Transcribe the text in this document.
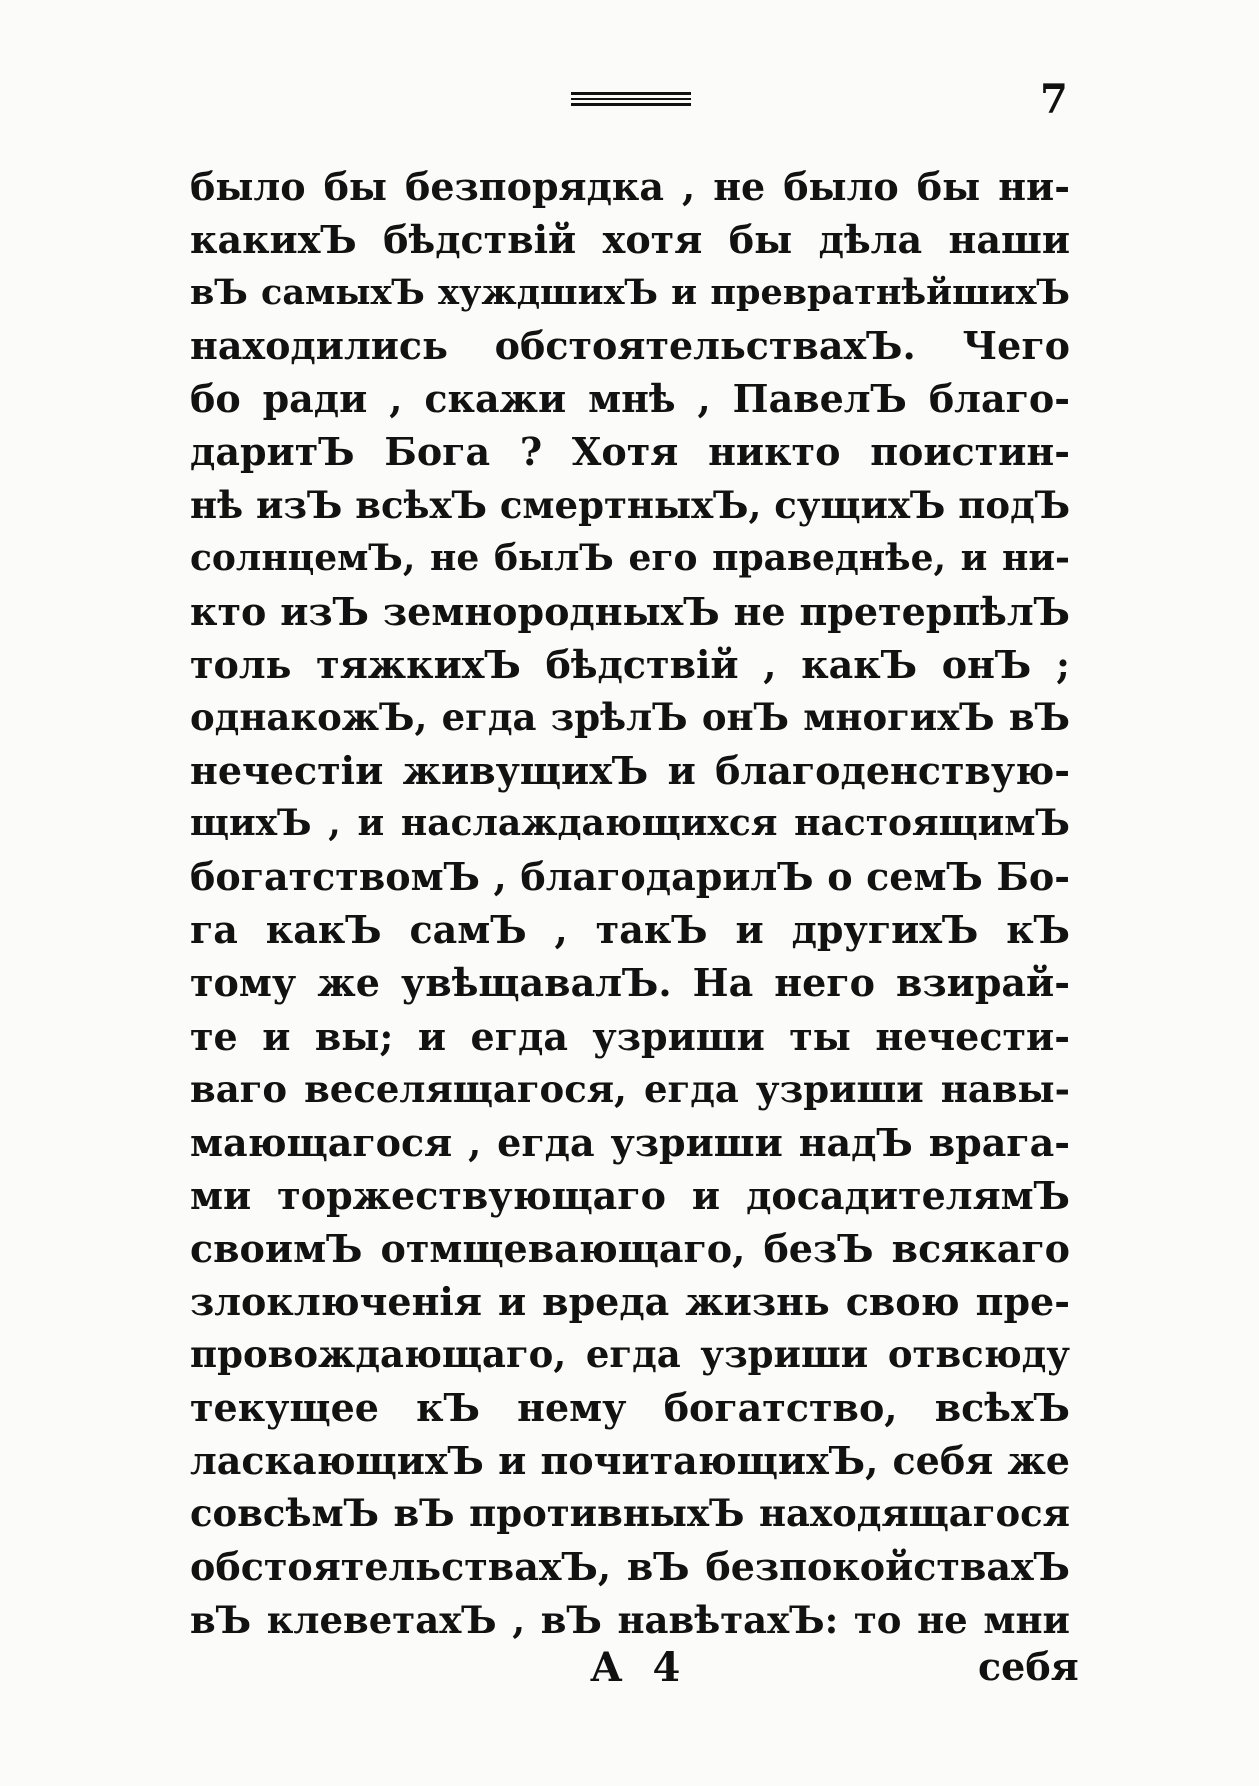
7
было бы безпорядка , не было бы ни-
какихЪ бѣдствій хотя бы дѣла наши
вЪ самыхЪ хуждшихЪ и превратнѣйшихЪ
находились обстоятельствахЪ. Чего
бо ради , скажи мнѣ , ПавелЪ благо-
даритЪ Бога ? Хотя никто поистин-
нѣ изЪ всѣхЪ смертныхЪ, сущихЪ подЪ
солнцемЪ, не былЪ его праведнѣе, и ни-
кто изЪ земнородныхЪ не претерпѣлЪ
толь тяжкихЪ бѣдствій , какЪ онЪ ;
однакожЪ, егда зрѣлЪ онЪ многихЪ вЪ
нечестіи живущихЪ и благоденствую-
щихЪ , и наслаждающихся настоящимЪ
богатствомЪ , благодарилЪ о семЪ Бо-
га какЪ самЪ , такЪ и другихЪ кЪ
тому же увѣщавалЪ. На него взирай-
те и вы; и егда узриши ты нечести-
ваго веселящагося, егда узриши навы-
мающагося , егда узриши надЪ врага-
ми торжествующаго и досадителямЪ
своимЪ отмщевающаго, безЪ всякаго
злоключенія и вреда жизнь свою пре-
провождающаго, егда узриши отвсюду
текущее кЪ нему богатство, всѣхЪ
ласкающихЪ и почитающихЪ, себя же
совсѣмЪ вЪ противныхЪ находящагося
обстоятельствахЪ, вЪ безпокойствахЪ
вЪ клеветахЪ , вЪ навѣтахЪ: то не мни
А 4	себя
